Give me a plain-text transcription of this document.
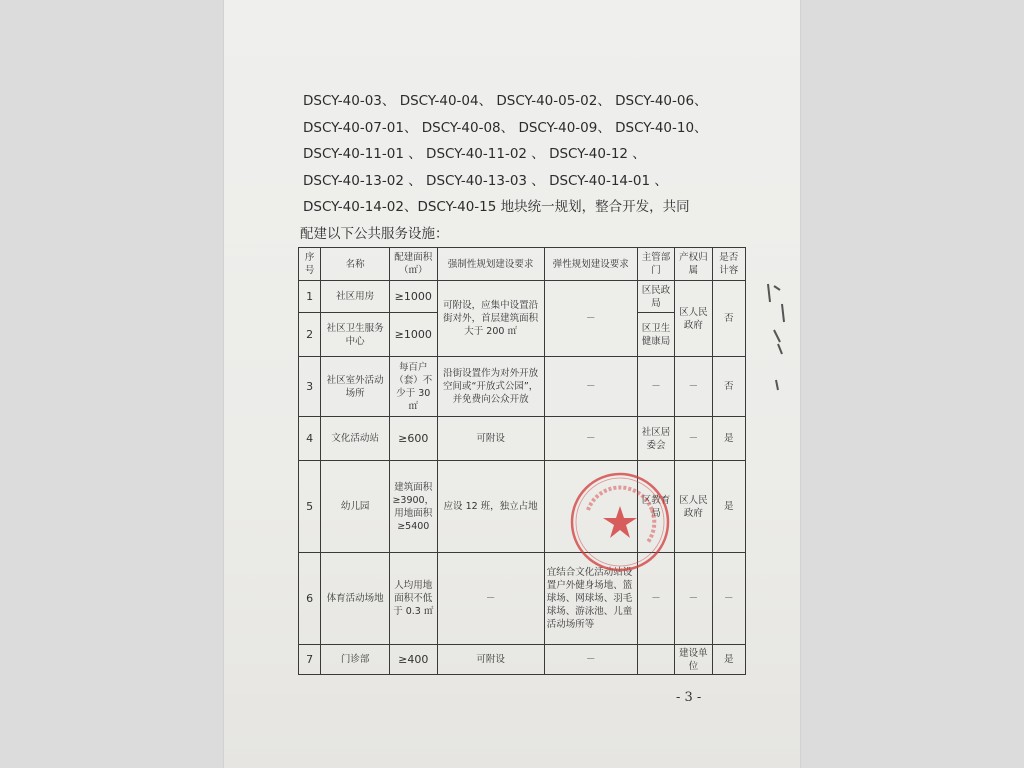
DSCY-40-03、 DSCY-40-04、 DSCY-40-05-02、 DSCY-40-06、
DSCY-40-07-01、 DSCY-40-08、 DSCY-40-09、 DSCY-40-10、
DSCY-40-11-01 、 DSCY-40-11-02 、 DSCY-40-12 、
DSCY-40-13-02 、 DSCY-40-13-03 、 DSCY-40-14-01 、
DSCY-40-14-02、DSCY-40-15 地块统一规划，整合开发，共同
配建以下公共服务设施：
序号	名称	配建面积（㎡）	强制性规划建设要求	弹性规划建设要求	主管部门	产权归属	是否计容
1	社区用房	≥1000	可附设，应集中设置沿街对外，首层建筑面积大于 200 ㎡	－	区民政局	区人民政府	否
2	社区卫生服务中心	≥1000			区卫生健康局		
3	社区室外活动场所	每百户（套）不少于 30 ㎡	沿街设置作为对外开放空间或“开放式公园”，并免费向公众开放	－	－	－	否
4	文化活动站	≥600	可附设	－	社区居委会	－	是
5	幼儿园	建筑面积≥3900，用地面积≥5400	应设 12 班，独立占地		区教育局	区人民政府	是
6	体育活动场地	人均用地面积不低于 0.3 ㎡	－	宜结合文化活动站设置户外健身场地、篮球场、网球场、羽毛球场、游泳池、儿童活动场所等	－	－	－
7	门诊部	≥400	可附设	－		建设单位	是
- 3 -
